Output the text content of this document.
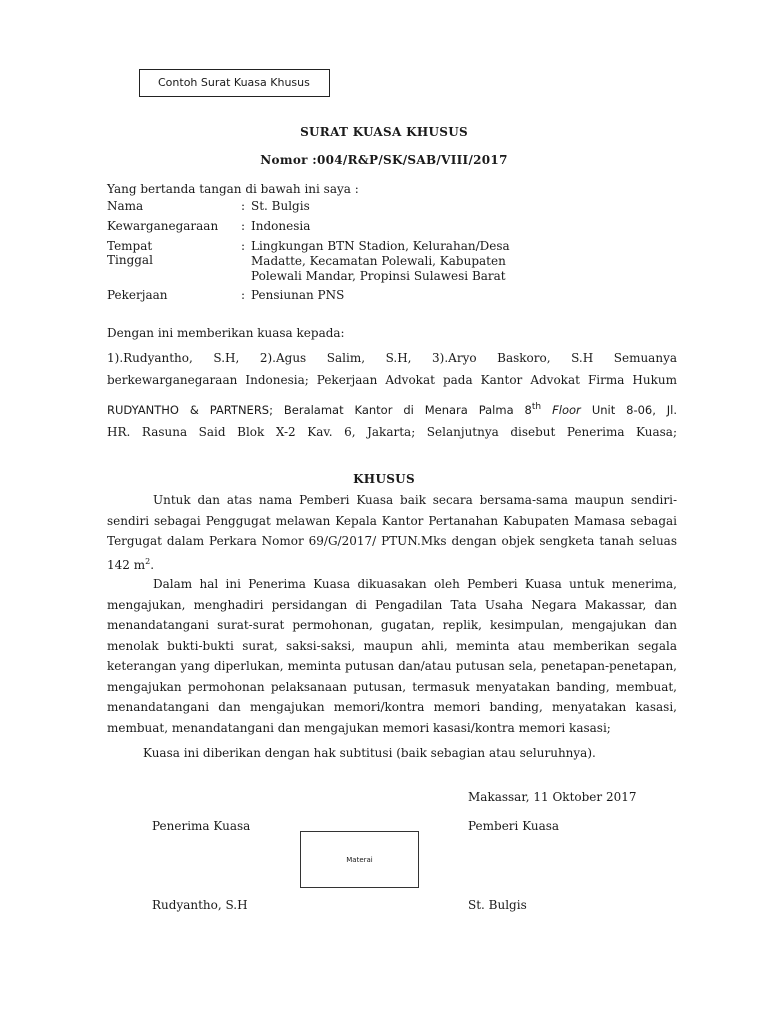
Contoh Surat Kuasa Khusus
SURAT KUASA KHUSUS
Nomor :004/R&P/SK/SAB/VIII/2017
Yang bertanda tangan di bawah ini saya :
Nama	: St. Bulgis
Kewarganegaraan : Indonesia
Tempat Tinggal
: Lingkungan BTN Stadion, Kelurahan/Desa
Madatte, Kecamatan Polewali, Kabupaten
Polewali Mandar, Propinsi Sulawesi Barat
Pekerjaan	: Pensiunan PNS
Dengan ini memberikan kuasa kepada:
1).Rudyantho, S.H, 2).Agus Salim, S.H, 3).Aryo Baskoro, S.H Semuanya
berkewarganegaraan Indonesia; Pekerjaan Advokat pada Kantor Advokat Firma Hukum
RUDYANTHO & PARTNERS; Beralamat Kantor di Menara Palma 8th Floor Unit 8-06, Jl.
HR. Rasuna Said Blok X-2 Kav. 6, Jakarta; Selanjutnya disebut Penerima Kuasa;
KHUSUS
Untuk dan atas nama Pemberi Kuasa baik secara bersama-sama maupun sendiri-
sendiri sebagai Penggugat melawan Kepala Kantor Pertanahan Kabupaten Mamasa sebagai
Tergugat dalam Perkara Nomor 69/G/2017/ PTUN.Mks dengan objek sengketa tanah seluas
142 $m^2$.
Dalam hal ini Penerima Kuasa dikuasakan oleh Pemberi Kuasa untuk menerima,
mengajukan, menghadiri persidangan di Pengadilan Tata Usaha Negara Makassar, dan
menandatangani surat-surat permohonan, gugatan, replik, kesimpulan, mengajukan dan
menolak bukti-bukti surat, saksi-saksi, maupun ahli, meminta atau memberikan segala
keterangan yang diperlukan, meminta putusan dan/atau putusan sela, penetapan-penetapan,
mengajukan permohonan pelaksanaan putusan, termasuk menyatakan banding, membuat,
menandatangani dan mengajukan memori/kontra memori banding, menyatakan kasasi,
membuat, menandatangani dan mengajukan memori kasasi/kontra memori kasasi;
Kuasa ini diberikan dengan hak subtitusi (baik sebagian atau seluruhnya).
Makassar, 11 Oktober 2017
Penerima Kuasa	Pemberi Kuasa
Materai
Rudyantho, S.H	St. Bulgis
